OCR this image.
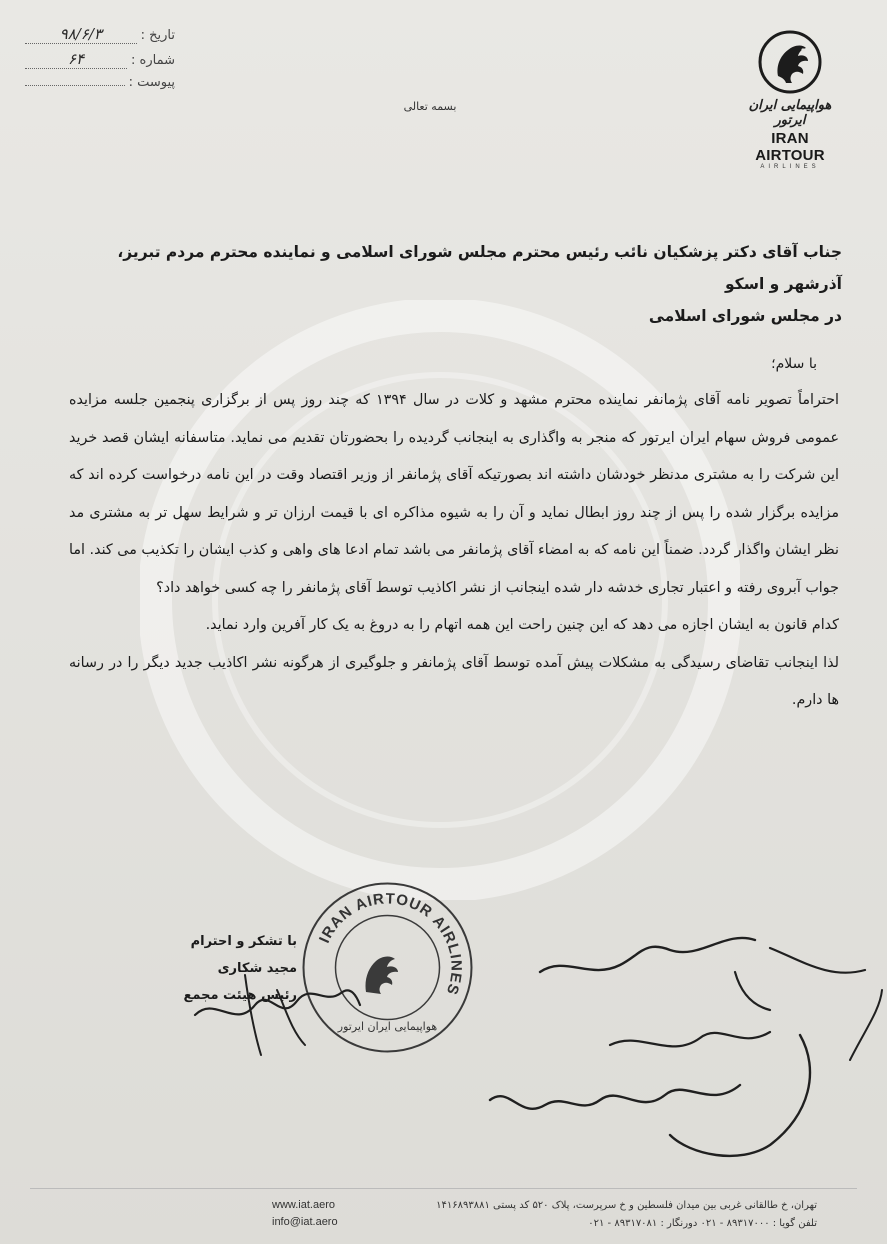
تاریخ :
۹۸/۶/۳
شماره :
۶۴
پیوست :
بسمه تعالی	هواپیمایی ایران ایرتور
IRAN AIRTOUR
AIRLINES
جناب آقای دکتر پزشکیان نائب رئیس محترم مجلس شورای اسلامی و نماینده محترم مردم تبریز، آذرشهر و اسکو
در مجلس شورای اسلامی
با سلام؛

احتراماً تصویر نامه آقای پژمانفر نماینده محترم مشهد و کلات در سال ۱۳۹۴ که چند روز پس از برگزاری پنجمین جلسه مزایده عمومی فروش سهام ایران ایرتور که منجر به واگذاری به اینجانب گردیده را بحضورتان تقدیم می نماید. متاسفانه ایشان قصد خرید این شرکت را به مشتری مدنظر خودشان داشته اند بصورتیکه آقای پژمانفر از وزیر اقتصاد وقت در این نامه درخواست کرده اند که مزایده برگزار شده را پس از چند روز ابطال نماید و آن را به شیوه مذاکره ای با قیمت ارزان تر و شرایط سهل تر به مشتری مد نظر ایشان واگذار گردد. ضمناً این نامه که به امضاء آقای پژمانفر می باشد تمام ادعا های واهی و کذب ایشان را تکذیب می کند. اما جواب آبروی رفته و اعتبار تجاری خدشه دار شده اینجانب از نشر اکاذیب توسط آقای پژمانفر را چه کسی خواهد داد؟

کدام قانون به ایشان اجازه می دهد که این چنین راحت این همه اتهام را به دروغ به یک کار آفرین وارد نماید.

لذا اینجانب تقاضای رسیدگی به مشکلات پیش آمده توسط آقای پژمانفر و جلوگیری از هرگونه نشر اکاذیب جدید دیگر را در رسانه ها دارم.

با تشکر و احترام
مجید شکاری
رئیس هیئت مجمع
IRAN AIRTOUR AIRLINES
هواپیمایی ایران ایرتور
www.iat.aero
info@iat.aero
تهران، خ طالقانی غربی بین میدان فلسطین و خ سرپرست، پلاک ۵۲۰ کد پستی ۱۴۱۶۸۹۳۸۸۱
تلفن گویا : ۸۹۳۱۷۰۰۰ - ۰۲۱ دورنگار : ۸۹۳۱۷۰۸۱ - ۰۲۱
